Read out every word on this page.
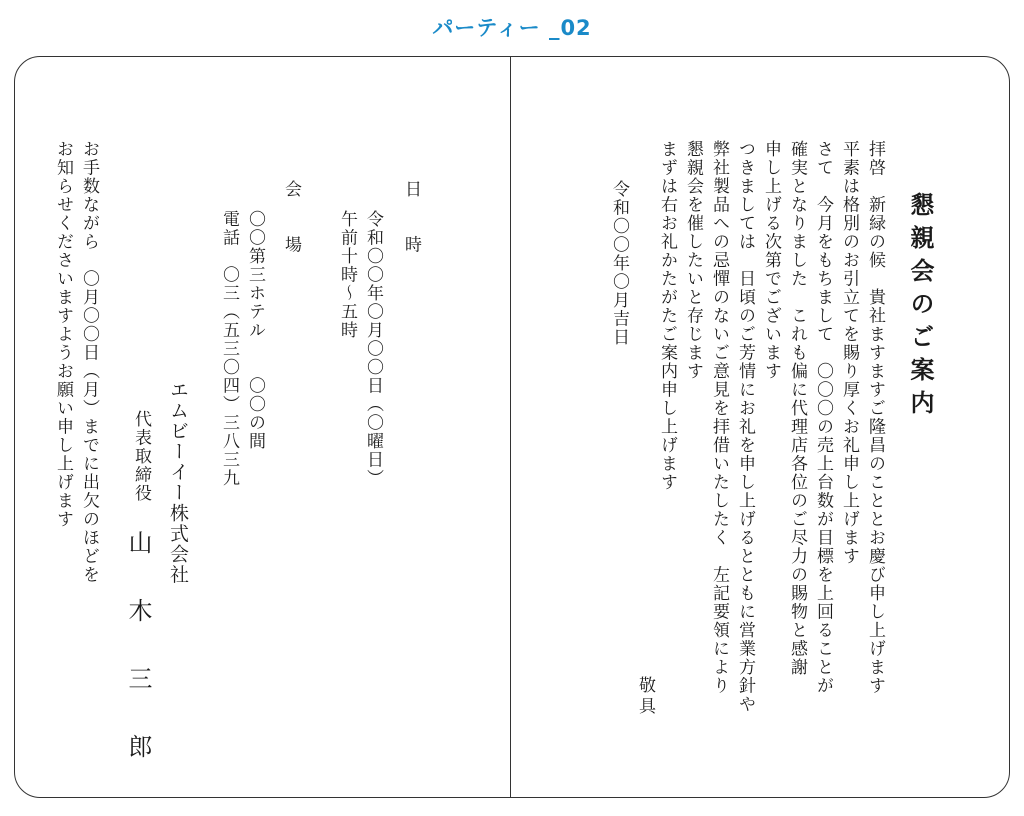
パーティー _02
懇親会のご案内
拝啓　新緑の候　貴社ますますご隆昌のこととお慶び申し上げます
平素は格別のお引立てを賜り厚くお礼申し上げます
さて　今月をもちまして　〇〇〇の売上台数が目標を上回ることが
確実となりました　これも偏に代理店各位のご尽力の賜物と感謝
申し上げる次第でございます
つきましては　日頃のご芳情にお礼を申し上げるとともに営業方針や
弊社製品への忌憚のないご意見を拝借いたしたく　左記要領により
懇親会を催したいと存じます
まずは右お礼かたがたご案内申し上げます
敬具
令和〇〇年〇月吉日
日　　時
令和〇〇年〇月〇〇日（〇曜日）
午前十時～五時
会　　場
〇〇第三ホテル　　〇〇の間
電話　〇三（五三〇四）三八三九
エムビーイー株式会社
代表取締役
山　木　三　郎
お手数ながら　〇月〇〇日（月）までに出欠のほどを
お知らせくださいますようお願い申し上げます
